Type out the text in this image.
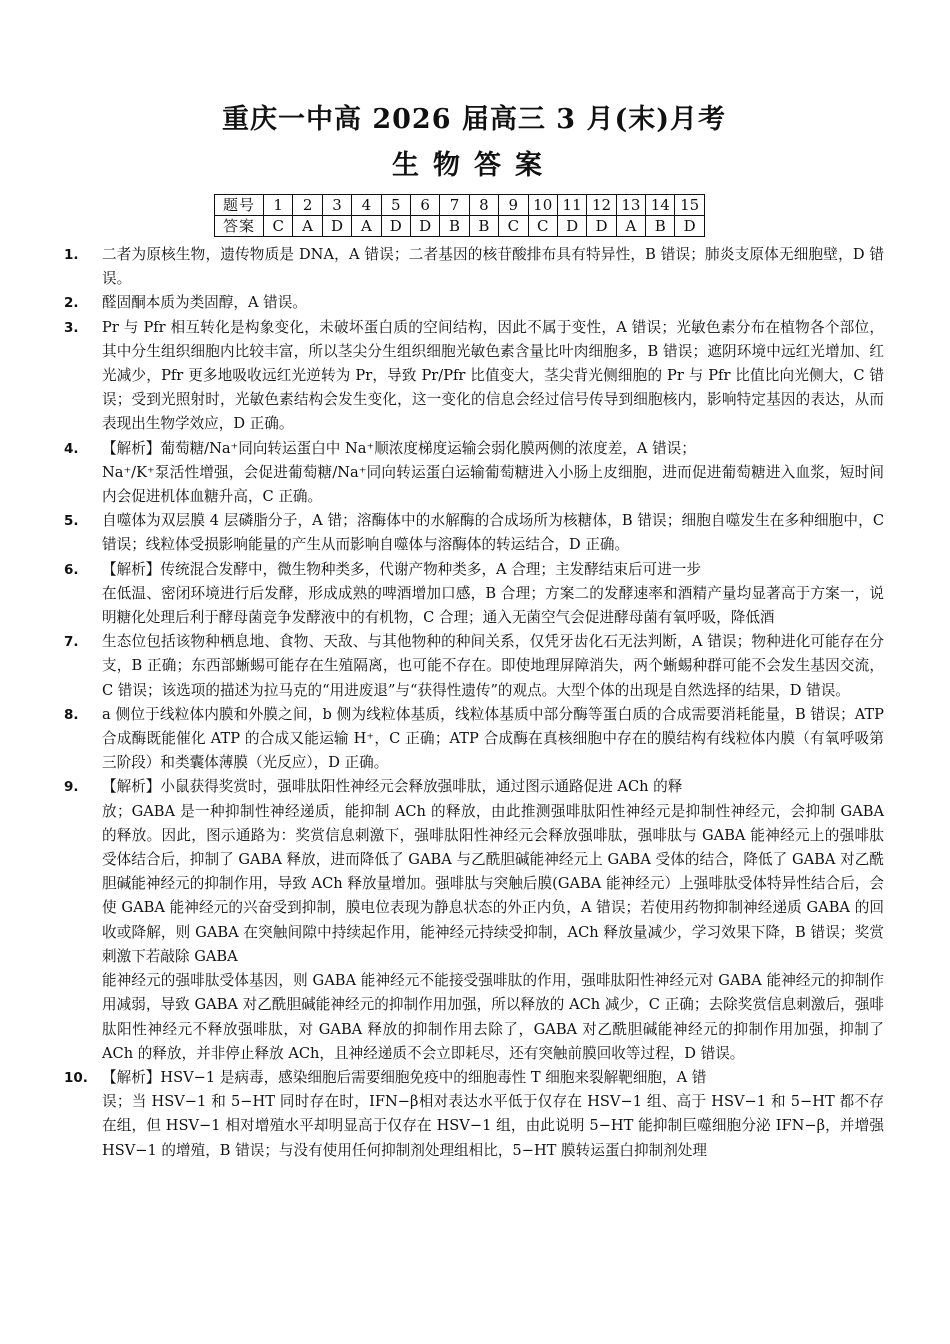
重庆一中高 2026 届高三 3 月(末)月考
生物答案
题号	1	2	3	4	5	6	7	8	9	10	11	12	13	14	15
答案	C	A	D	A	D	D	B	B	C	C	D	D	A	B	D
1. 二者为原核生物，遗传物质是 DNA，A 错误；二者基因的核苷酸排布具有特异性，B 错误；肺炎支原体无细胞壁，D 错误。
2. 醛固酮本质为类固醇，A 错误。
3. Pr 与 Pfr 相互转化是构象变化，未破坏蛋白质的空间结构，因此不属于变性，A 错误；光敏色素分布在植物各个部位，其中分生组织细胞内比较丰富，所以茎尖分生组织细胞光敏色素含量比叶肉细胞多，B 错误；遮阴环境中远红光增加、红光减少，Pfr 更多地吸收远红光逆转为 Pr，导致 Pr/Pfr 比值变大，茎尖背光侧细胞的 Pr 与 Pfr 比值比向光侧大，C 错误；受到光照射时，光敏色素结构会发生变化，这一变化的信息会经过信号传导到细胞核内，影响特定基因的表达，从而表现出生物学效应，D 正确。
4. 【解析】葡萄糖/Na⁺同向转运蛋白中 Na⁺顺浓度梯度运输会弱化膜两侧的浓度差，A 错误；
Na⁺/K⁺泵活性增强，会促进葡萄糖/Na⁺同向转运蛋白运输葡萄糖进入小肠上皮细胞，进而促进葡萄糖进入血浆，短时间内会促进机体血糖升高，C 正确。
5. 自噬体为双层膜 4 层磷脂分子，A 错；溶酶体中的水解酶的合成场所为核糖体，B 错误；细胞自噬发生在多种细胞中，C 错误；线粒体受损影响能量的产生从而影响自噬体与溶酶体的转运结合，D 正确。
6. 【解析】传统混合发酵中，微生物种类多，代谢产物种类多，A 合理；主发酵结束后可进一步
在低温、密闭环境进行后发酵，形成成熟的啤酒增加口感，B 合理；方案二的发酵速率和酒精产量均显著高于方案一，说明糖化处理后利于酵母菌竞争发酵液中的有机物，C 合理；通入无菌空气会促进酵母菌有氧呼吸，降低酒
7. 生态位包括该物种栖息地、食物、天敌、与其他物种的种间关系，仅凭牙齿化石无法判断，A 错误；物种进化可能存在分支，B 正确；东西部蜥蜴可能存在生殖隔离，也可能不存在。即使地理屏障消失，两个蜥蜴种群可能不会发生基因交流，C 错误；该选项的描述为拉马克的“用进废退”与“获得性遗传”的观点。大型个体的出现是自然选择的结果，D 错误。
8. a 侧位于线粒体内膜和外膜之间，b 侧为线粒体基质，线粒体基质中部分酶等蛋白质的合成需要消耗能量，B 错误；ATP 合成酶既能催化 ATP 的合成又能运输 H⁺，C 正确；ATP 合成酶在真核细胞中存在的膜结构有线粒体内膜（有氧呼吸第三阶段）和类囊体薄膜（光反应），D 正确。
9. 【解析】小鼠获得奖赏时，强啡肽阳性神经元会释放强啡肽，通过图示通路促进 ACh 的释
放；GABA 是一种抑制性神经递质，能抑制 ACh 的释放，由此推测强啡肽阳性神经元是抑制性神经元，会抑制 GABA 的释放。因此，图示通路为：奖赏信息刺激下，强啡肽阳性神经元会释放强啡肽，强啡肽与 GABA 能神经元上的强啡肽受体结合后，抑制了 GABA 释放，进而降低了 GABA 与乙酰胆碱能神经元上 GABA 受体的结合，降低了 GABA 对乙酰胆碱能神经元的抑制作用，导致 ACh 释放量增加。强啡肽与突触后膜(GABA 能神经元）上强啡肽受体特异性结合后，会使 GABA 能神经元的兴奋受到抑制，膜电位表现为静息状态的外正内负，A 错误；若使用药物抑制神经递质 GABA 的回收或降解，则 GABA 在突触间隙中持续起作用，能神经元持续受抑制，ACh 释放量减少，学习效果下降，B 错误；奖赏刺激下若敲除 GABA
能神经元的强啡肽受体基因，则 GABA 能神经元不能接受强啡肽的作用，强啡肽阳性神经元对 GABA 能神经元的抑制作用减弱，导致 GABA 对乙酰胆碱能神经元的抑制作用加强，所以释放的 ACh 减少，C 正确；去除奖赏信息刺激后，强啡肽阳性神经元不释放强啡肽，对 GABA 释放的抑制作用去除了，GABA 对乙酰胆碱能神经元的抑制作用加强，抑制了 ACh 的释放，并非停止释放 ACh，且神经递质不会立即耗尽，还有突触前膜回收等过程，D 错误。
10. 【解析】HSV−1 是病毒，感染细胞后需要细胞免疫中的细胞毒性 T 细胞来裂解靶细胞，A 错
误；当 HSV−1 和 5−HT 同时存在时，IFN−β相对表达水平低于仅存在 HSV−1 组、高于 HSV−1 和 5−HT 都不存在组，但 HSV−1 相对增殖水平却明显高于仅存在 HSV−1 组，由此说明 5−HT 能抑制巨噬细胞分泌 IFN−β，并增强 HSV−1 的增殖，B 错误；与没有使用任何抑制剂处理组相比，5−HT 膜转运蛋白抑制剂处理
